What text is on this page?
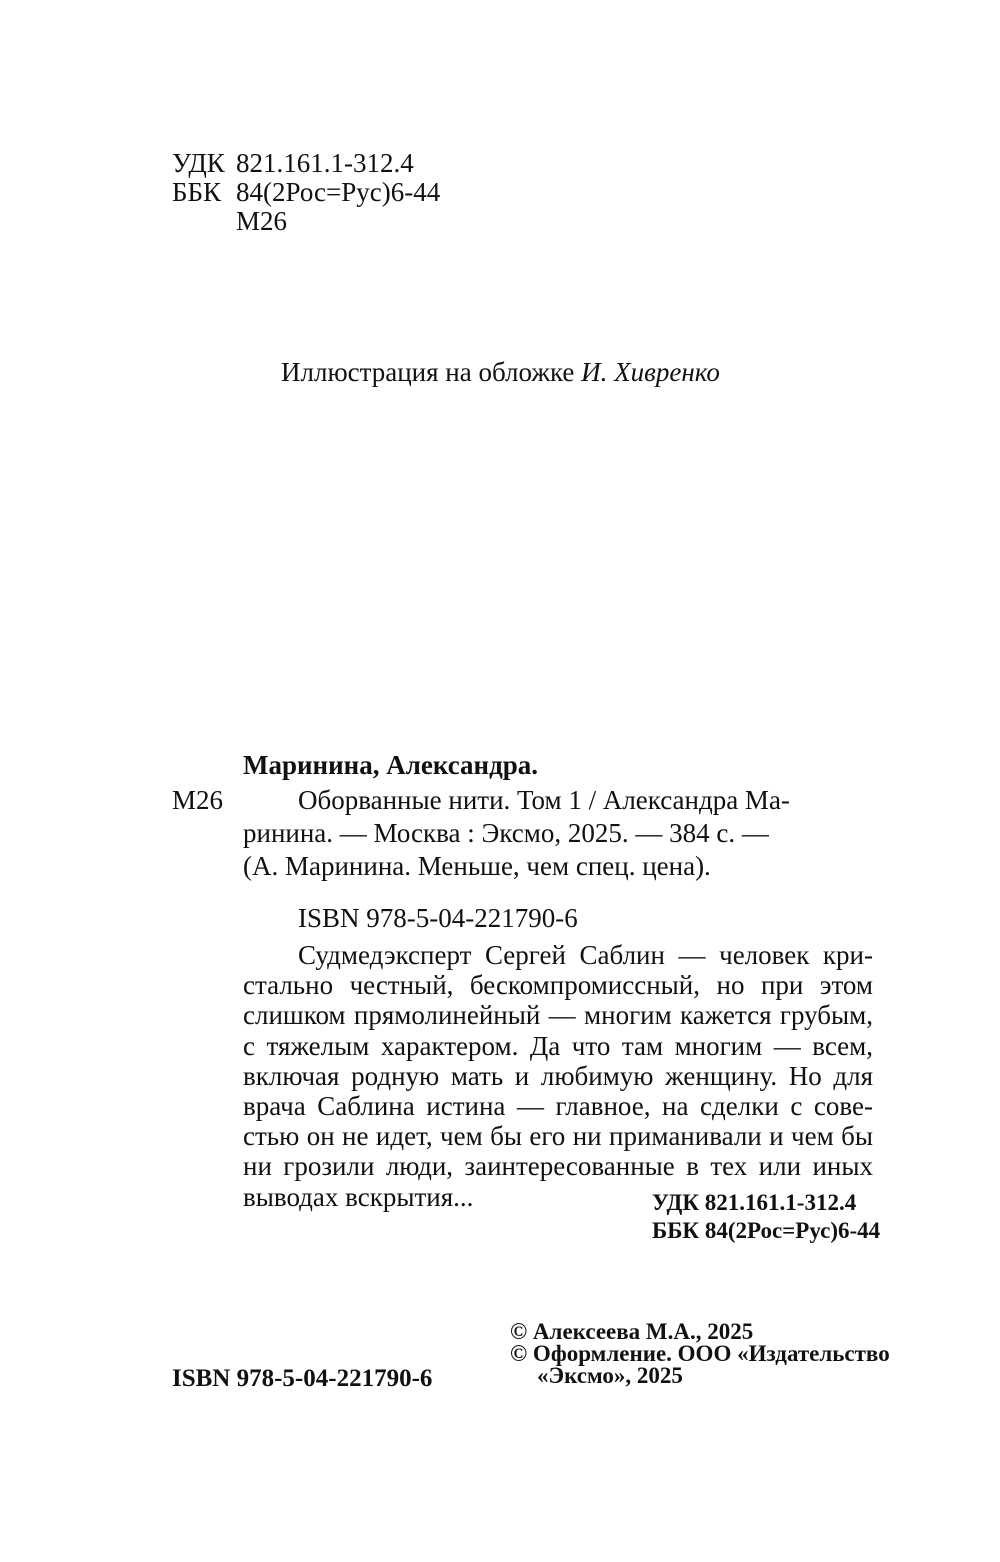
УДК 821.161.1-312.4
ББК 84(2Рос=Рус)6-44
М26
Иллюстрация на обложке И. Хивренко
Маринина, Александра.
М26	Оборванные нити. Том 1 / Александра Ма-
ринина. — Москва : Эксмо, 2025. — 384 с. —
(А. Маринина. Меньше, чем спец. цена).
ISBN 978-5-04-221790-6
Судмедэксперт Сергей Саблин — человек кри-
стально честный, бескомпромиссный, но при этом
слишком прямолинейный — многим кажется грубым,
с тяжелым характером. Да что там многим — всем,
включая родную мать и любимую женщину. Но для
врача Саблина истина — главное, на сделки с сове-
стью он не идет, чем бы его ни приманивали и чем бы
ни грозили люди, заинтересованные в тех или иных
выводах вскрытия...	УДК 821.161.1-312.4
ББК 84(2Рос=Рус)6-44
© Алексеева М.А., 2025
© Оформление. ООО «Издательство
«Эксмо», 2025
ISBN 978-5-04-221790-6
